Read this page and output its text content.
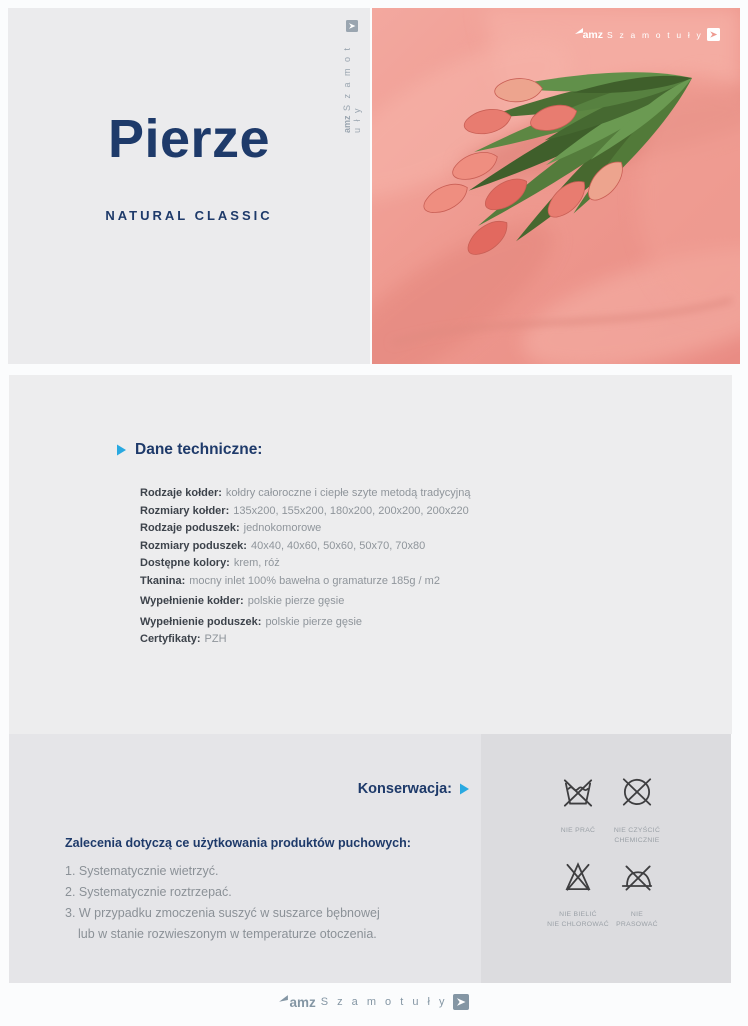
Pierze
NATURAL CLASSIC
amz S z a m o t u ł y
amz S z a m o t u ł y
Dane techniczne:
Rodzaje kołder: kołdry całoroczne i ciepłe szyte metodą tradycyjną
Rozmiary kołder: 135x200, 155x200, 180x200, 200x200, 200x220
Rodzaje poduszek: jednokomorowe
Rozmiary poduszek: 40x40, 40x60, 50x60, 50x70, 70x80
Dostępne kolory: krem, róż
Tkanina: mocny inlet 100% bawełna o gramaturze 185g / m2
Wypełnienie kołder: polskie pierze gęsie
Wypełnienie poduszek: polskie pierze gęsie
Certyfikaty: PZH
Konserwacja:
Zalecenia dotyczą ce użytkowania produktów puchowych:
1. Systematycznie wietrzyć.
2. Systematycznie roztrzepać.
3. W przypadku zmoczenia suszyć w suszarce bębnowej
lub w stanie rozwieszonym w temperaturze otoczenia.
NIE PRAĆ	NIE CZYŚCIĆ
CHEMICZNIE
NIE BIELIĆ
NIE CHLOROWAĆ
NIE
PRASOWAĆ
amz S z a m o t u ł y
